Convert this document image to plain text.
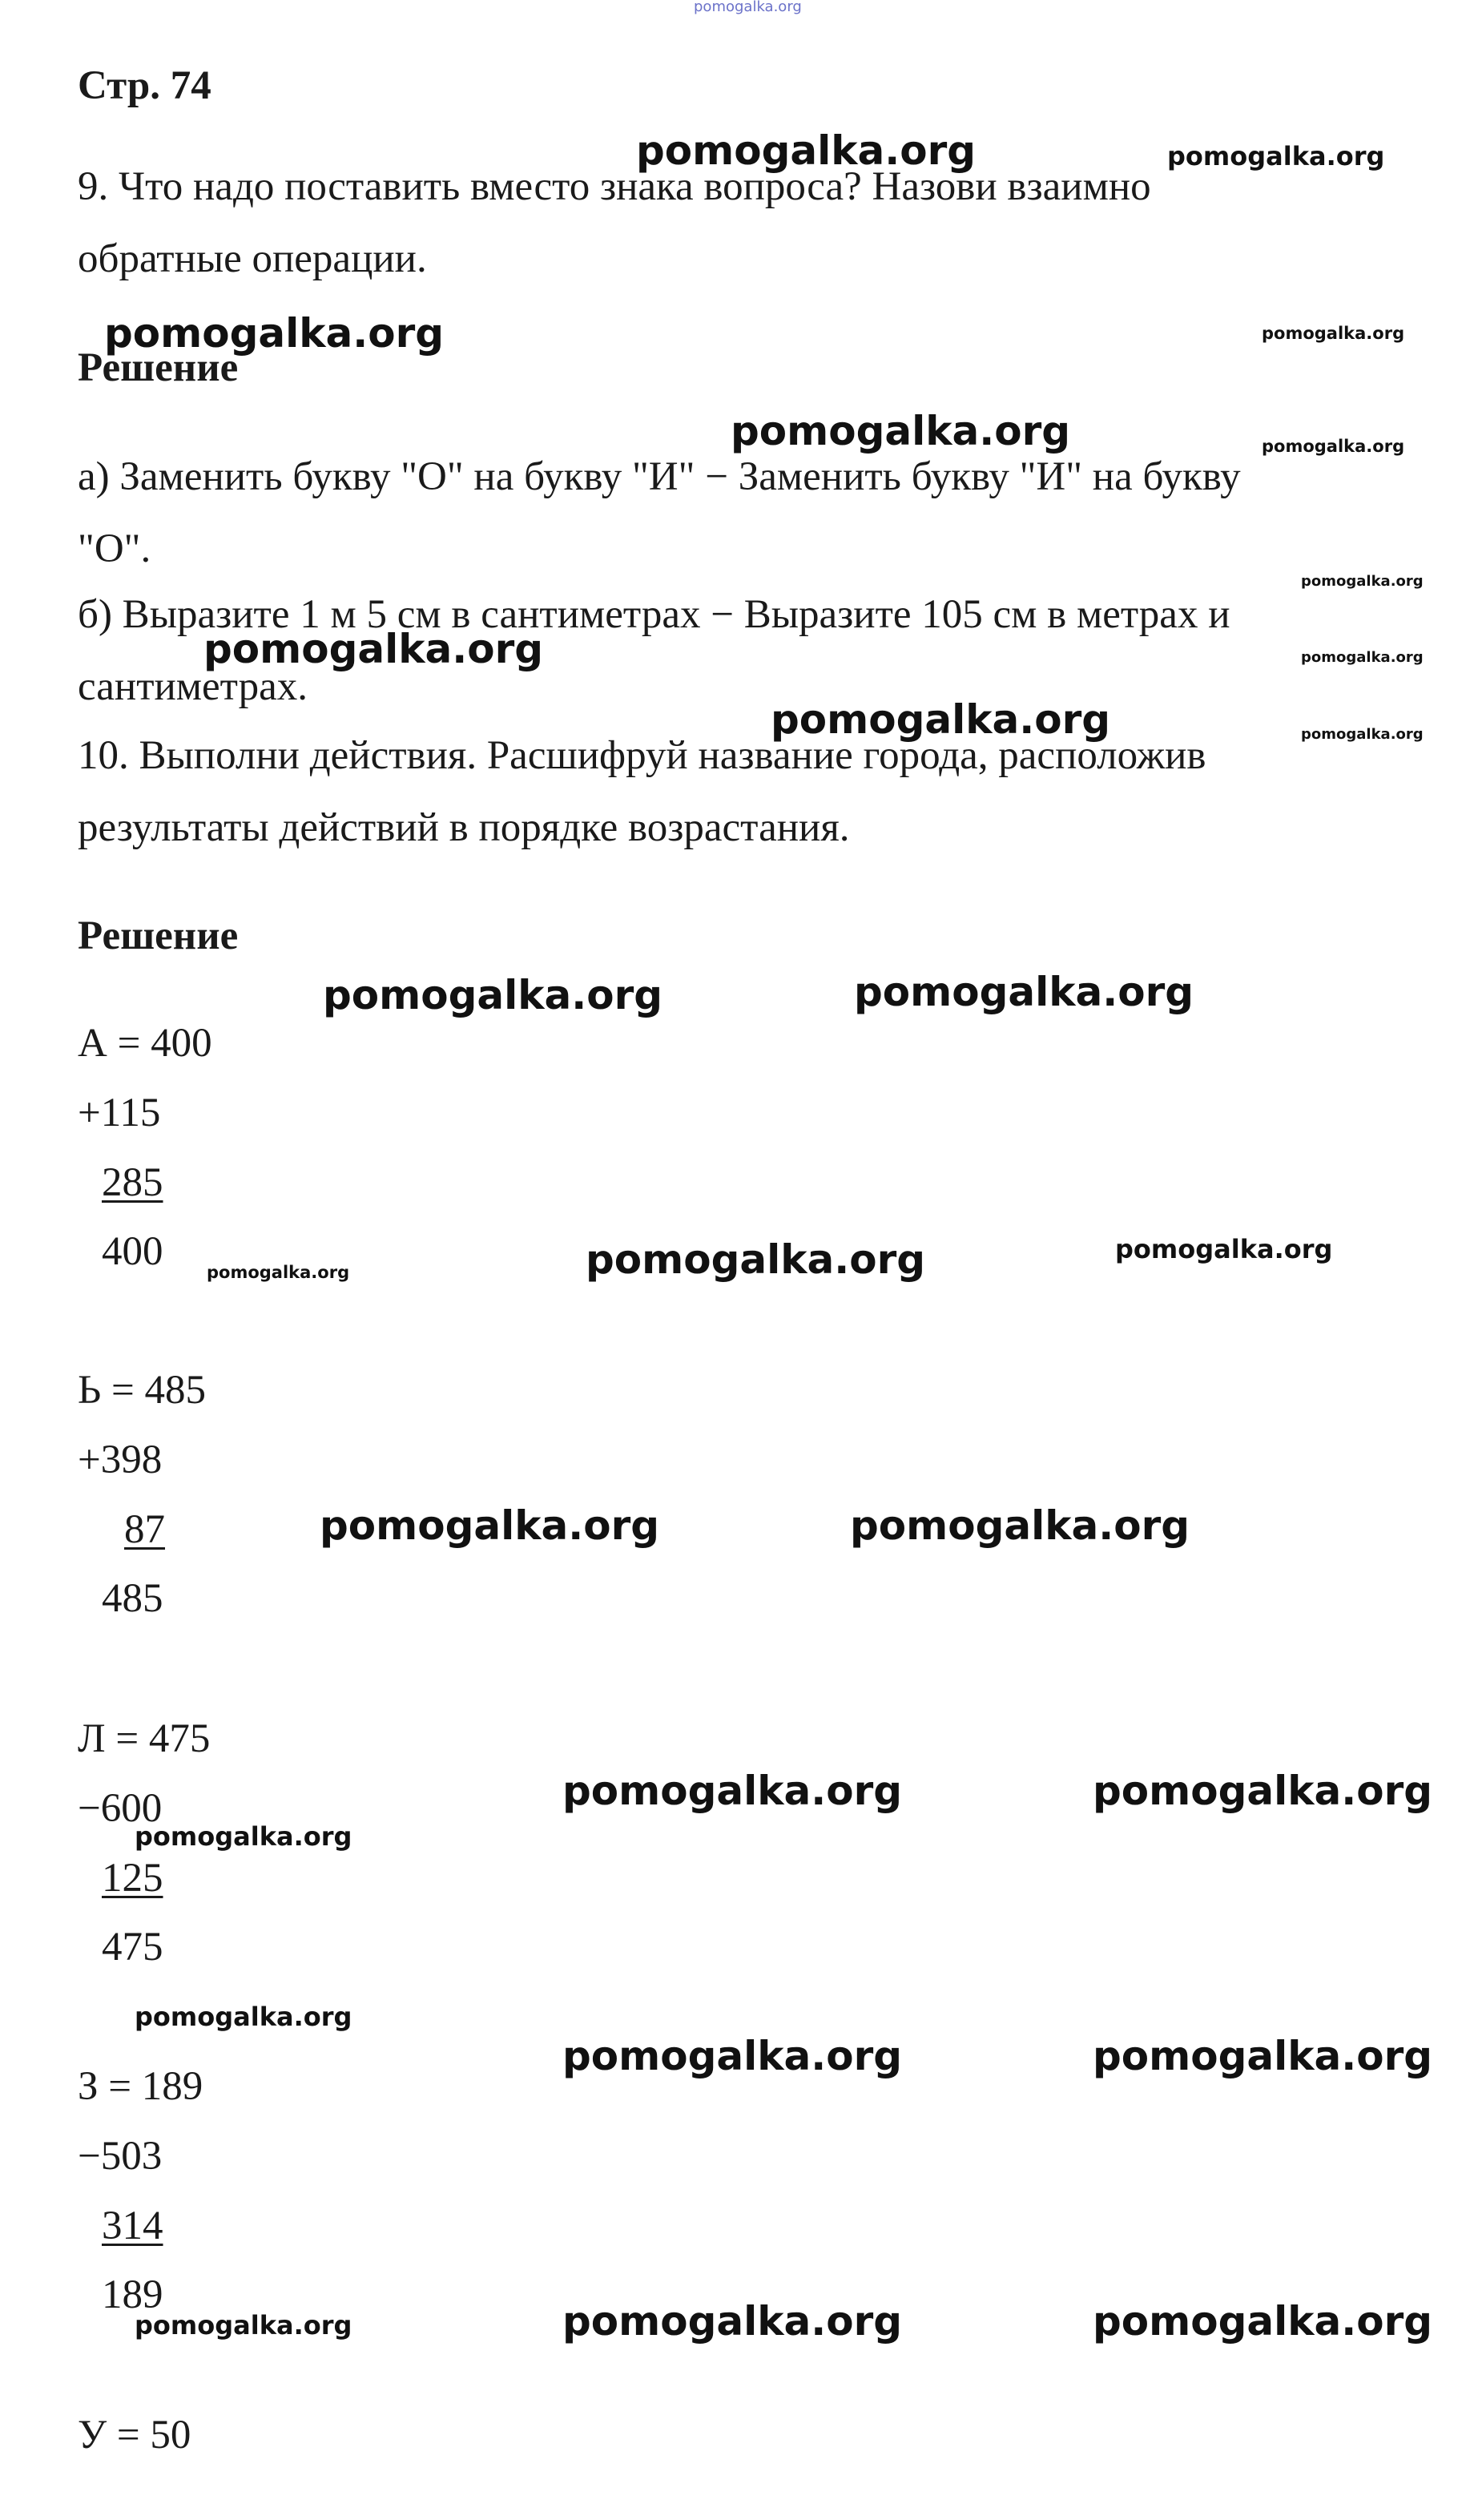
pomogalka.org
Стр. 74
9. Что надо поставить вместо знака вопроса? Назови взаимно
обратные операции.
Решение
а) Заменить букву "О" на букву "И" − Заменить букву "И" на букву
"О".
б) Выразите 1 м 5 см в сантиметрах − Выразите 105 см в метрах и
сантиметрах.
10. Выполни действия. Расшифруй название города, расположив
результаты действий в порядке возрастания.
Решение
А = 400
+115
285
400
Ь = 485
+398
87
485
Л = 475
−600
125
475
З = 189
−503
314
189
У = 50
pomogalka.org	pomogalka.org
pomogalka.org	pomogalka.org
pomogalka.org	pomogalka.org
pomogalka.org
pomogalka.org	pomogalka.org
pomogalka.org	pomogalka.org
pomogalka.org	pomogalka.org
pomogalka.org
pomogalka.org
pomogalka.org
pomogalka.org	pomogalka.org
pomogalka.org	pomogalka.org
pomogalka.org
pomogalka.org
pomogalka.org	pomogalka.org
pomogalka.org	pomogalka.org
pomogalka.org
